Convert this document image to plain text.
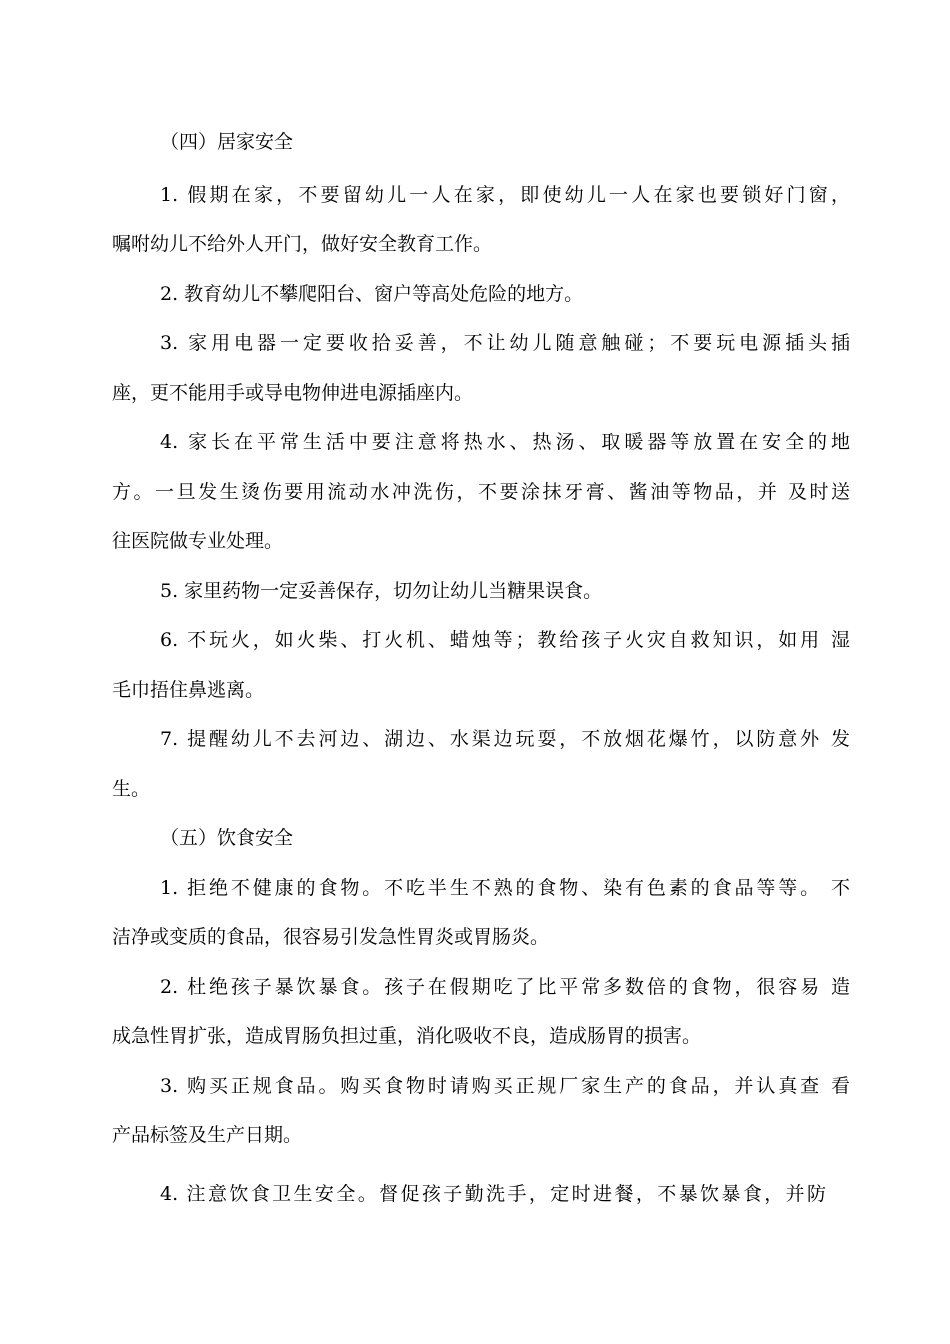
（四）居家安全
1. 假期在家，不要留幼儿一人在家，即使幼儿一人在家也要锁好门窗，
嘱咐幼儿不给外人开门，做好安全教育工作。
2. 教育幼儿不攀爬阳台、窗户等高处危险的地方。
3. 家用电器一定要收拾妥善，不让幼儿随意触碰；不要玩电源插头插
座，更不能用手或导电物伸进电源插座内。
4. 家长在平常生活中要注意将热水、热汤、取暖器等放置在安全的地
方。一旦发生烫伤要用流动水冲洗伤，不要涂抹牙膏、酱油等物品，并 及时送
往医院做专业处理。
5. 家里药物一定妥善保存，切勿让幼儿当糖果误食。
6. 不玩火，如火柴、打火机、蜡烛等；教给孩子火灾自救知识，如用 湿
毛巾捂住鼻逃离。
7. 提醒幼儿不去河边、湖边、水渠边玩耍，不放烟花爆竹，以防意外 发
生。
（五）饮食安全
1. 拒绝不健康的食物。不吃半生不熟的食物、染有色素的食品等等。 不
洁净或变质的食品，很容易引发急性胃炎或胃肠炎。
2. 杜绝孩子暴饮暴食。孩子在假期吃了比平常多数倍的食物，很容易 造
成急性胃扩张，造成胃肠负担过重，消化吸收不良，造成肠胃的损害。
3. 购买正规食品。购买食物时请购买正规厂家生产的食品，并认真查 看
产品标签及生产日期。
4. 注意饮食卫生安全。督促孩子勤洗手，定时进餐，不暴饮暴食，并防
